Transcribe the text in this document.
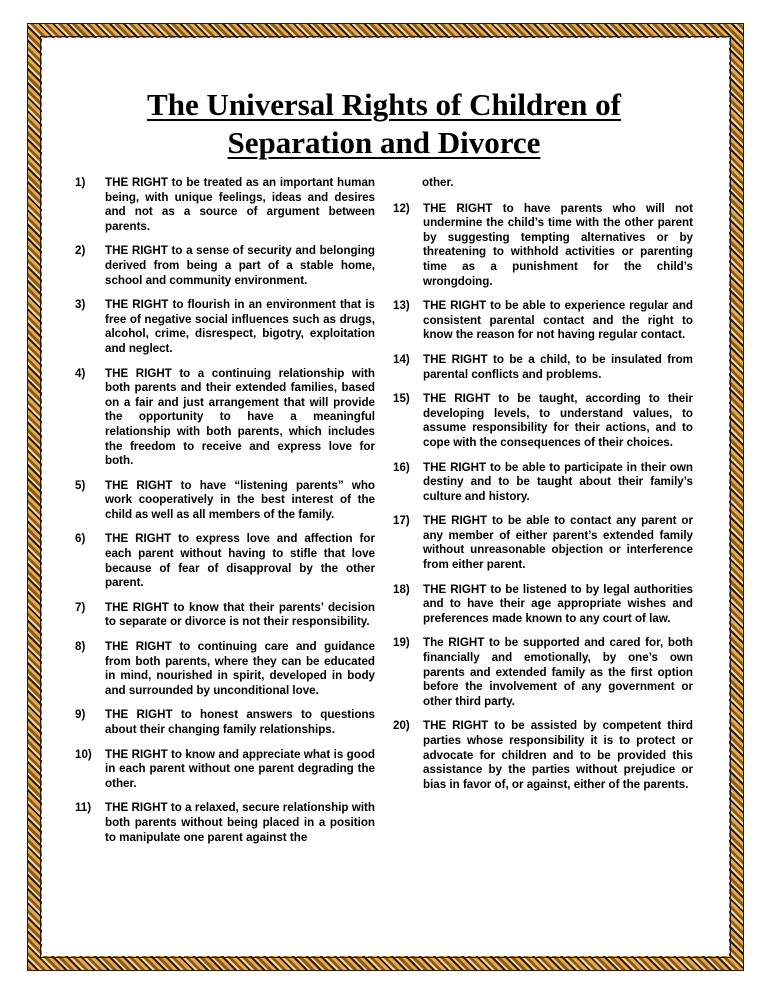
The Universal Rights of Children of
Separation and Divorce
1)	THE RIGHT to be treated as an important human being, with unique feelings, ideas and desires and not as a source of argument between parents.
2)	THE RIGHT to a sense of security and belonging derived from being a part of a stable home, school and community environment.
3)	THE RIGHT to flourish in an environment that is free of negative social influences such as drugs, alcohol, crime, disrespect, bigotry, exploitation and neglect.
4)	THE RIGHT to a continuing relationship with both parents and their extended families, based on a fair and just arrangement that will provide the opportunity to have a meaningful relationship with both parents, which includes the freedom to receive and express love for both.
5)	THE RIGHT to have “listening parents” who work cooperatively in the best interest of the child as well as all members of the family.
6)	THE RIGHT to express love and affection for each parent without having to stifle that love because of fear of disapproval by the other parent.
7)	THE RIGHT to know that their parents’ decision to separate or divorce is not their responsibility.
8)	THE RIGHT to continuing care and guidance from both parents, where they can be educated in mind, nourished in spirit, developed in body and surrounded by unconditional love.
9)	THE RIGHT to honest answers to questions about their changing family relationships.
10)	THE RIGHT to know and appreciate what is good in each parent without one parent degrading the other.
11)	THE RIGHT to a relaxed, secure relationship with both parents without being placed in a position to manipulate one parent against the
other.
12)	THE RIGHT to have parents who will not undermine the child’s time with the other parent by suggesting tempting alternatives or by threatening to withhold activities or parenting time as a punishment for the child’s wrongdoing.
13)	THE RIGHT to be able to experience regular and consistent parental contact and the right to know the reason for not having regular contact.
14)	THE RIGHT to be a child, to be insulated from parental conflicts and problems.
15)	THE RIGHT to be taught, according to their developing levels, to understand values, to assume responsibility for their actions, and to cope with the consequences of their choices.
16)	THE RIGHT to be able to participate in their own destiny and to be taught about their family’s culture and history.
17)	THE RIGHT to be able to contact any parent or any member of either parent’s extended family without unreasonable objection or interference from either parent.
18)	THE RIGHT to be listened to by legal authorities and to have their age appropriate wishes and preferences made known to any court of law.
19)	The RIGHT to be supported and cared for, both financially and emotionally, by one’s own parents and extended family as the first option before the involvement of any government or other third party.
20)	THE RIGHT to be assisted by competent third parties whose responsibility it is to protect or advocate for children and to be provided this assistance by the parties without prejudice or bias in favor of, or against, either of the parents.
